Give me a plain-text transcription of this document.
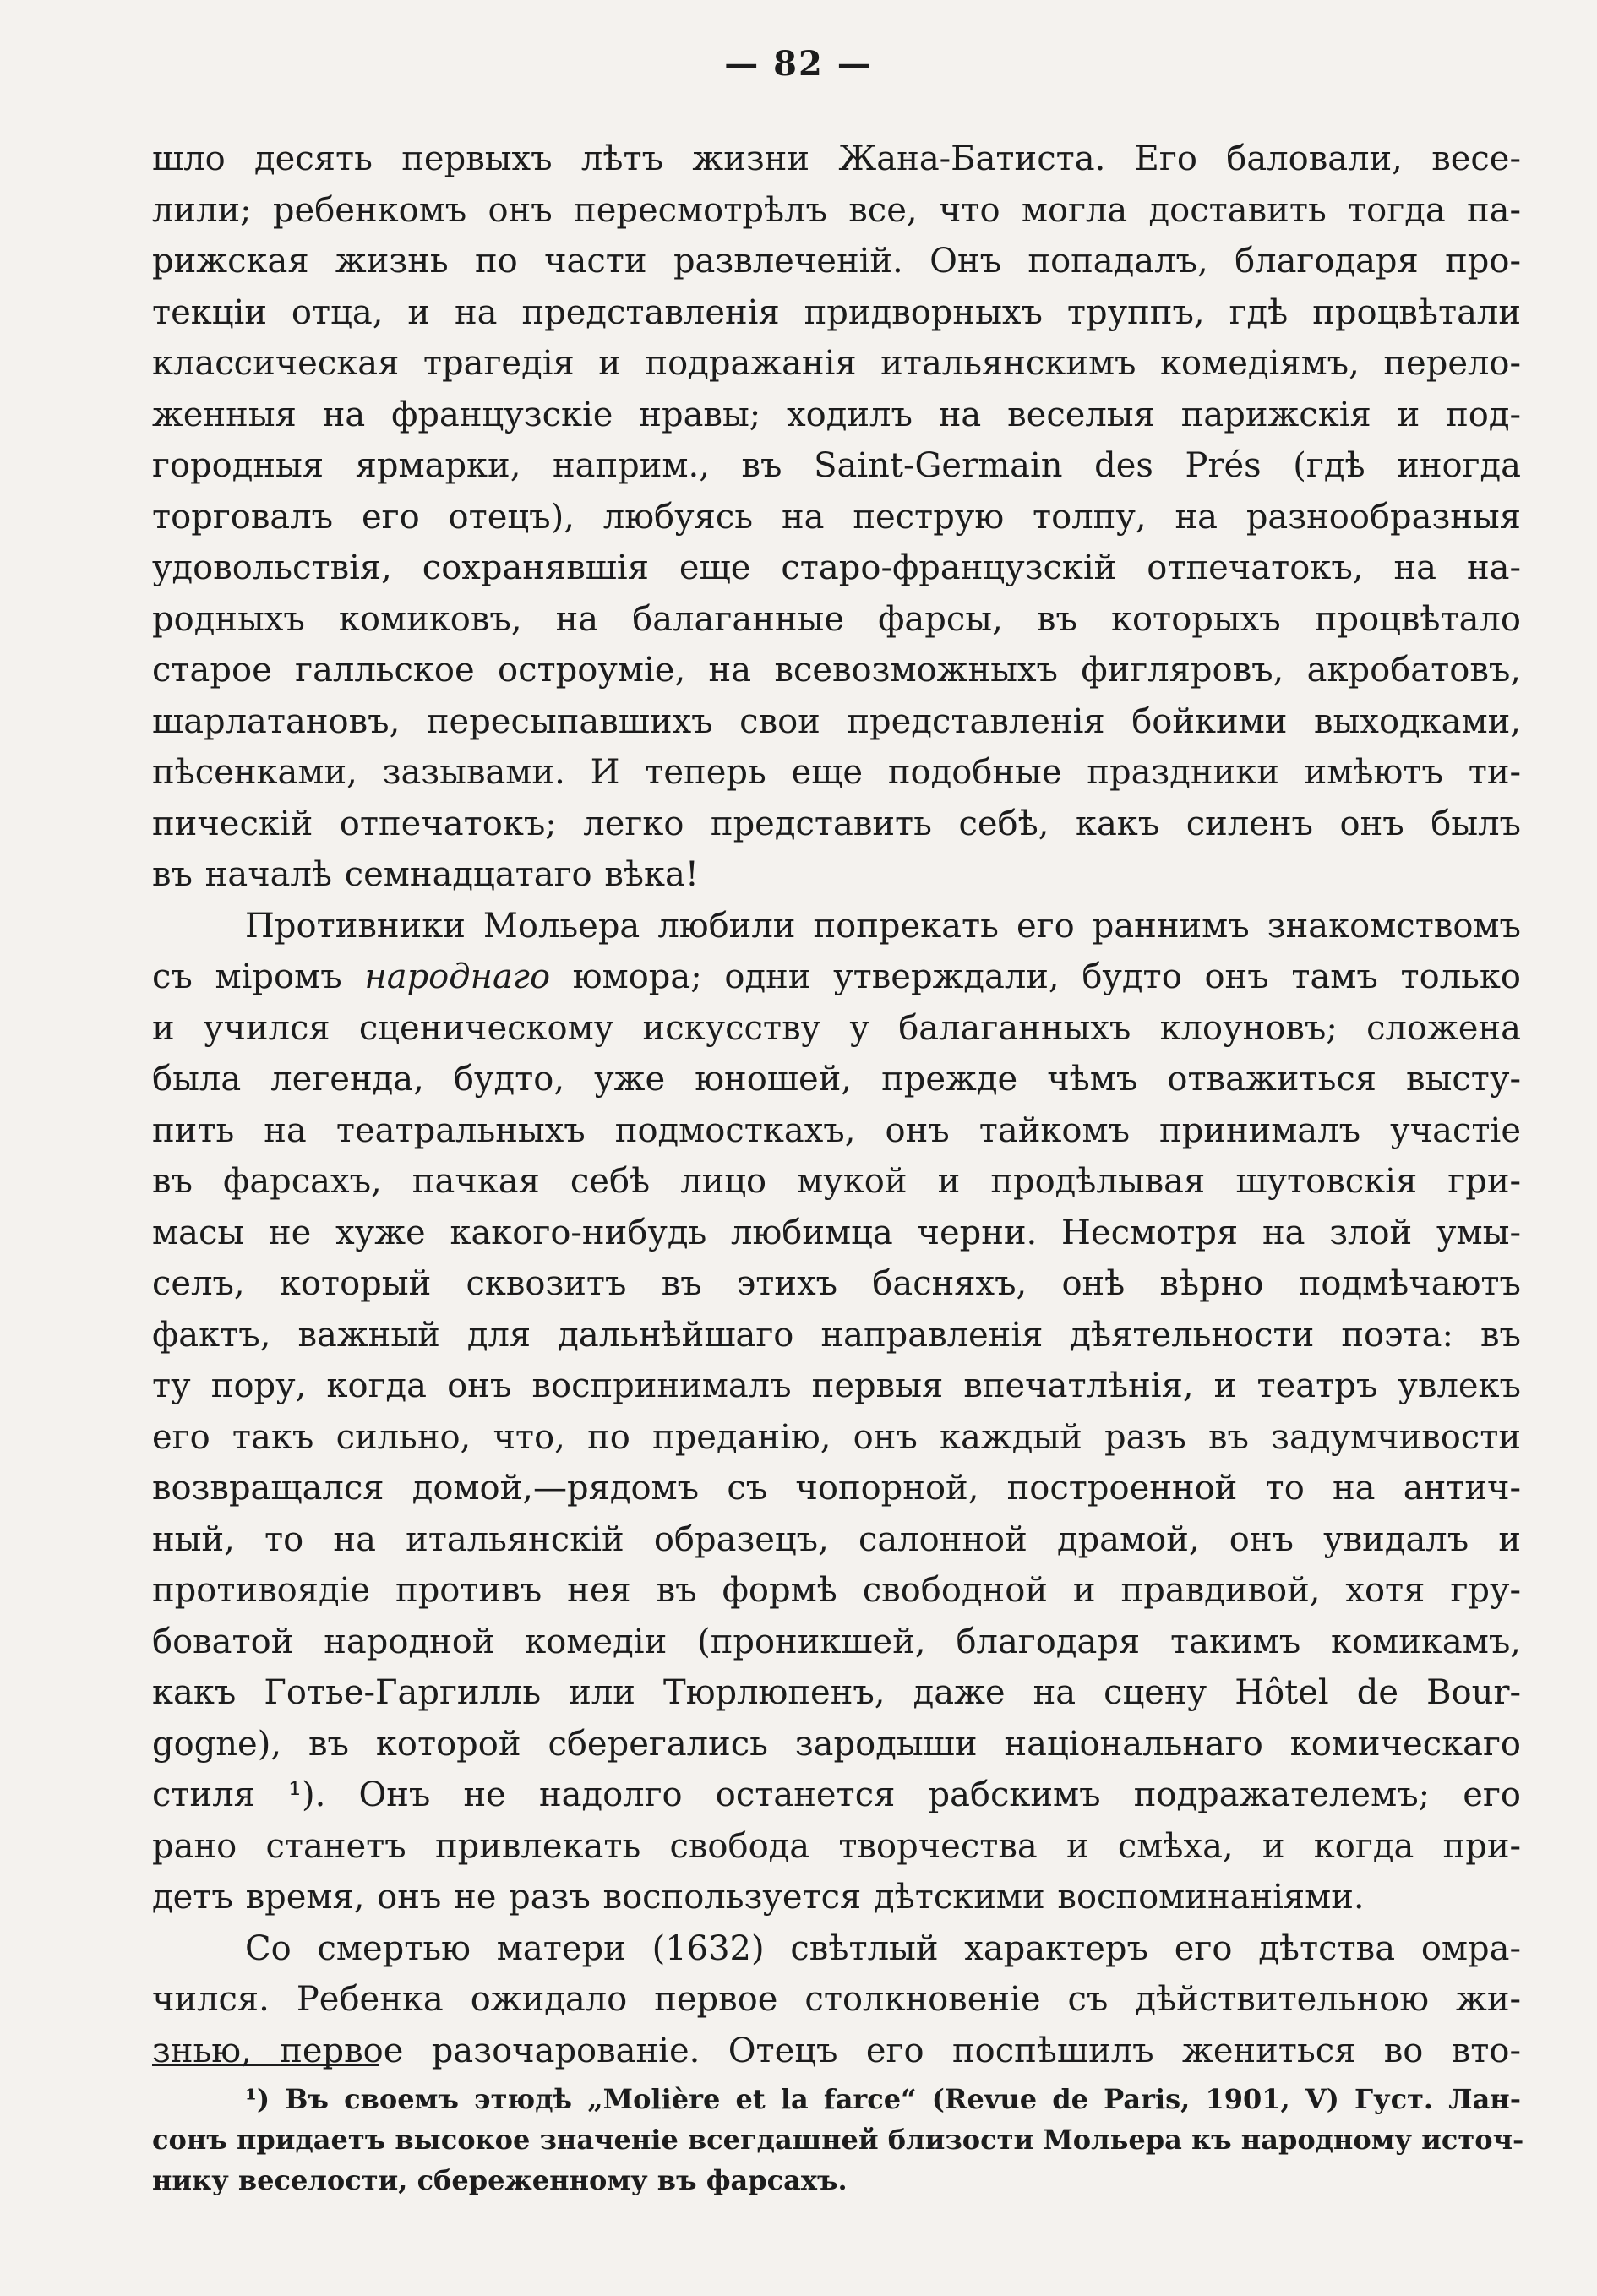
— 82 —
шло десять первыхъ лѣтъ жизни Жана-Батиста. Его баловали, весе-
лили; ребенкомъ онъ пересмотрѣлъ все, что могла доставить тогда па-
рижская жизнь по части развлеченій. Онъ попадалъ, благодаря про-
текціи отца, и на представленія придворныхъ труппъ, гдѣ процвѣтали
классическая трагедія и подражанія итальянскимъ комедіямъ, перело-
женныя на французскіе нравы; ходилъ на веселыя парижскія и под-
городныя ярмарки, наприм., въ Saint-Germain des Prés (гдѣ иногда
торговалъ его отецъ), любуясь на пеструю толпу, на разнообразныя
удовольствія, сохранявшія еще старо-французскій отпечатокъ, на на-
родныхъ комиковъ, на балаганные фарсы, въ которыхъ процвѣтало
старое галльское остроуміе, на всевозможныхъ фигляровъ, акробатовъ,
шарлатановъ, пересыпавшихъ свои представленія бойкими выходками,
пѣсенками, зазывами. И теперь еще подобные праздники имѣютъ ти-
пическій отпечатокъ; легко представить себѣ, какъ силенъ онъ былъ
въ началѣ семнадцатаго вѣка!
Противники Мольера любили попрекать его раннимъ знакомствомъ
съ міромъ народнаго юмора; одни утверждали, будто онъ тамъ только
и учился сценическому искусству у балаганныхъ клоуновъ; сложена
была легенда, будто, уже юношей, прежде чѣмъ отважиться высту-
пить на театральныхъ подмосткахъ, онъ тайкомъ принималъ участіе
въ фарсахъ, пачкая себѣ лицо мукой и продѣлывая шутовскія гри-
масы не хуже какого-нибудь любимца черни. Несмотря на злой умы-
селъ, который сквозитъ въ этихъ басняхъ, онѣ вѣрно подмѣчаютъ
фактъ, важный для дальнѣйшаго направленія дѣятельности поэта: въ
ту пору, когда онъ воспринималъ первыя впечатлѣнія, и театръ увлекъ
его такъ сильно, что, по преданію, онъ каждый разъ въ задумчивости
возвращался домой,—рядомъ съ чопорной, построенной то на антич-
ный, то на итальянскій образецъ, салонной драмой, онъ увидалъ и
противоядіе противъ нея въ формѣ свободной и правдивой, хотя гру-
боватой народной комедіи (проникшей, благодаря такимъ комикамъ,
какъ Готье-Гаргилль или Тюрлюпенъ, даже на сцену Hôtel de Bour-
gogne), въ которой сберегались зародыши національнаго комическаго
стиля ¹). Онъ не надолго останется рабскимъ подражателемъ; его
рано станетъ привлекать свобода творчества и смѣха, и когда при-
детъ время, онъ не разъ воспользуется дѣтскими воспоминаніями.
Со смертью матери (1632) свѣтлый характеръ его дѣтства омра-
чился. Ребенка ожидало первое столкновеніе съ дѣйствительною жи-
знью, первое разочарованіе. Отецъ его поспѣшилъ жениться во вто-
¹) Въ своемъ этюдѣ „Molière et la farce“ (Revue de Paris, 1901, V) Густ. Лан-
сонъ придаетъ высокое значеніе всегдашней близости Мольера къ народному источ-
нику веселости, сбереженному въ фарсахъ.
